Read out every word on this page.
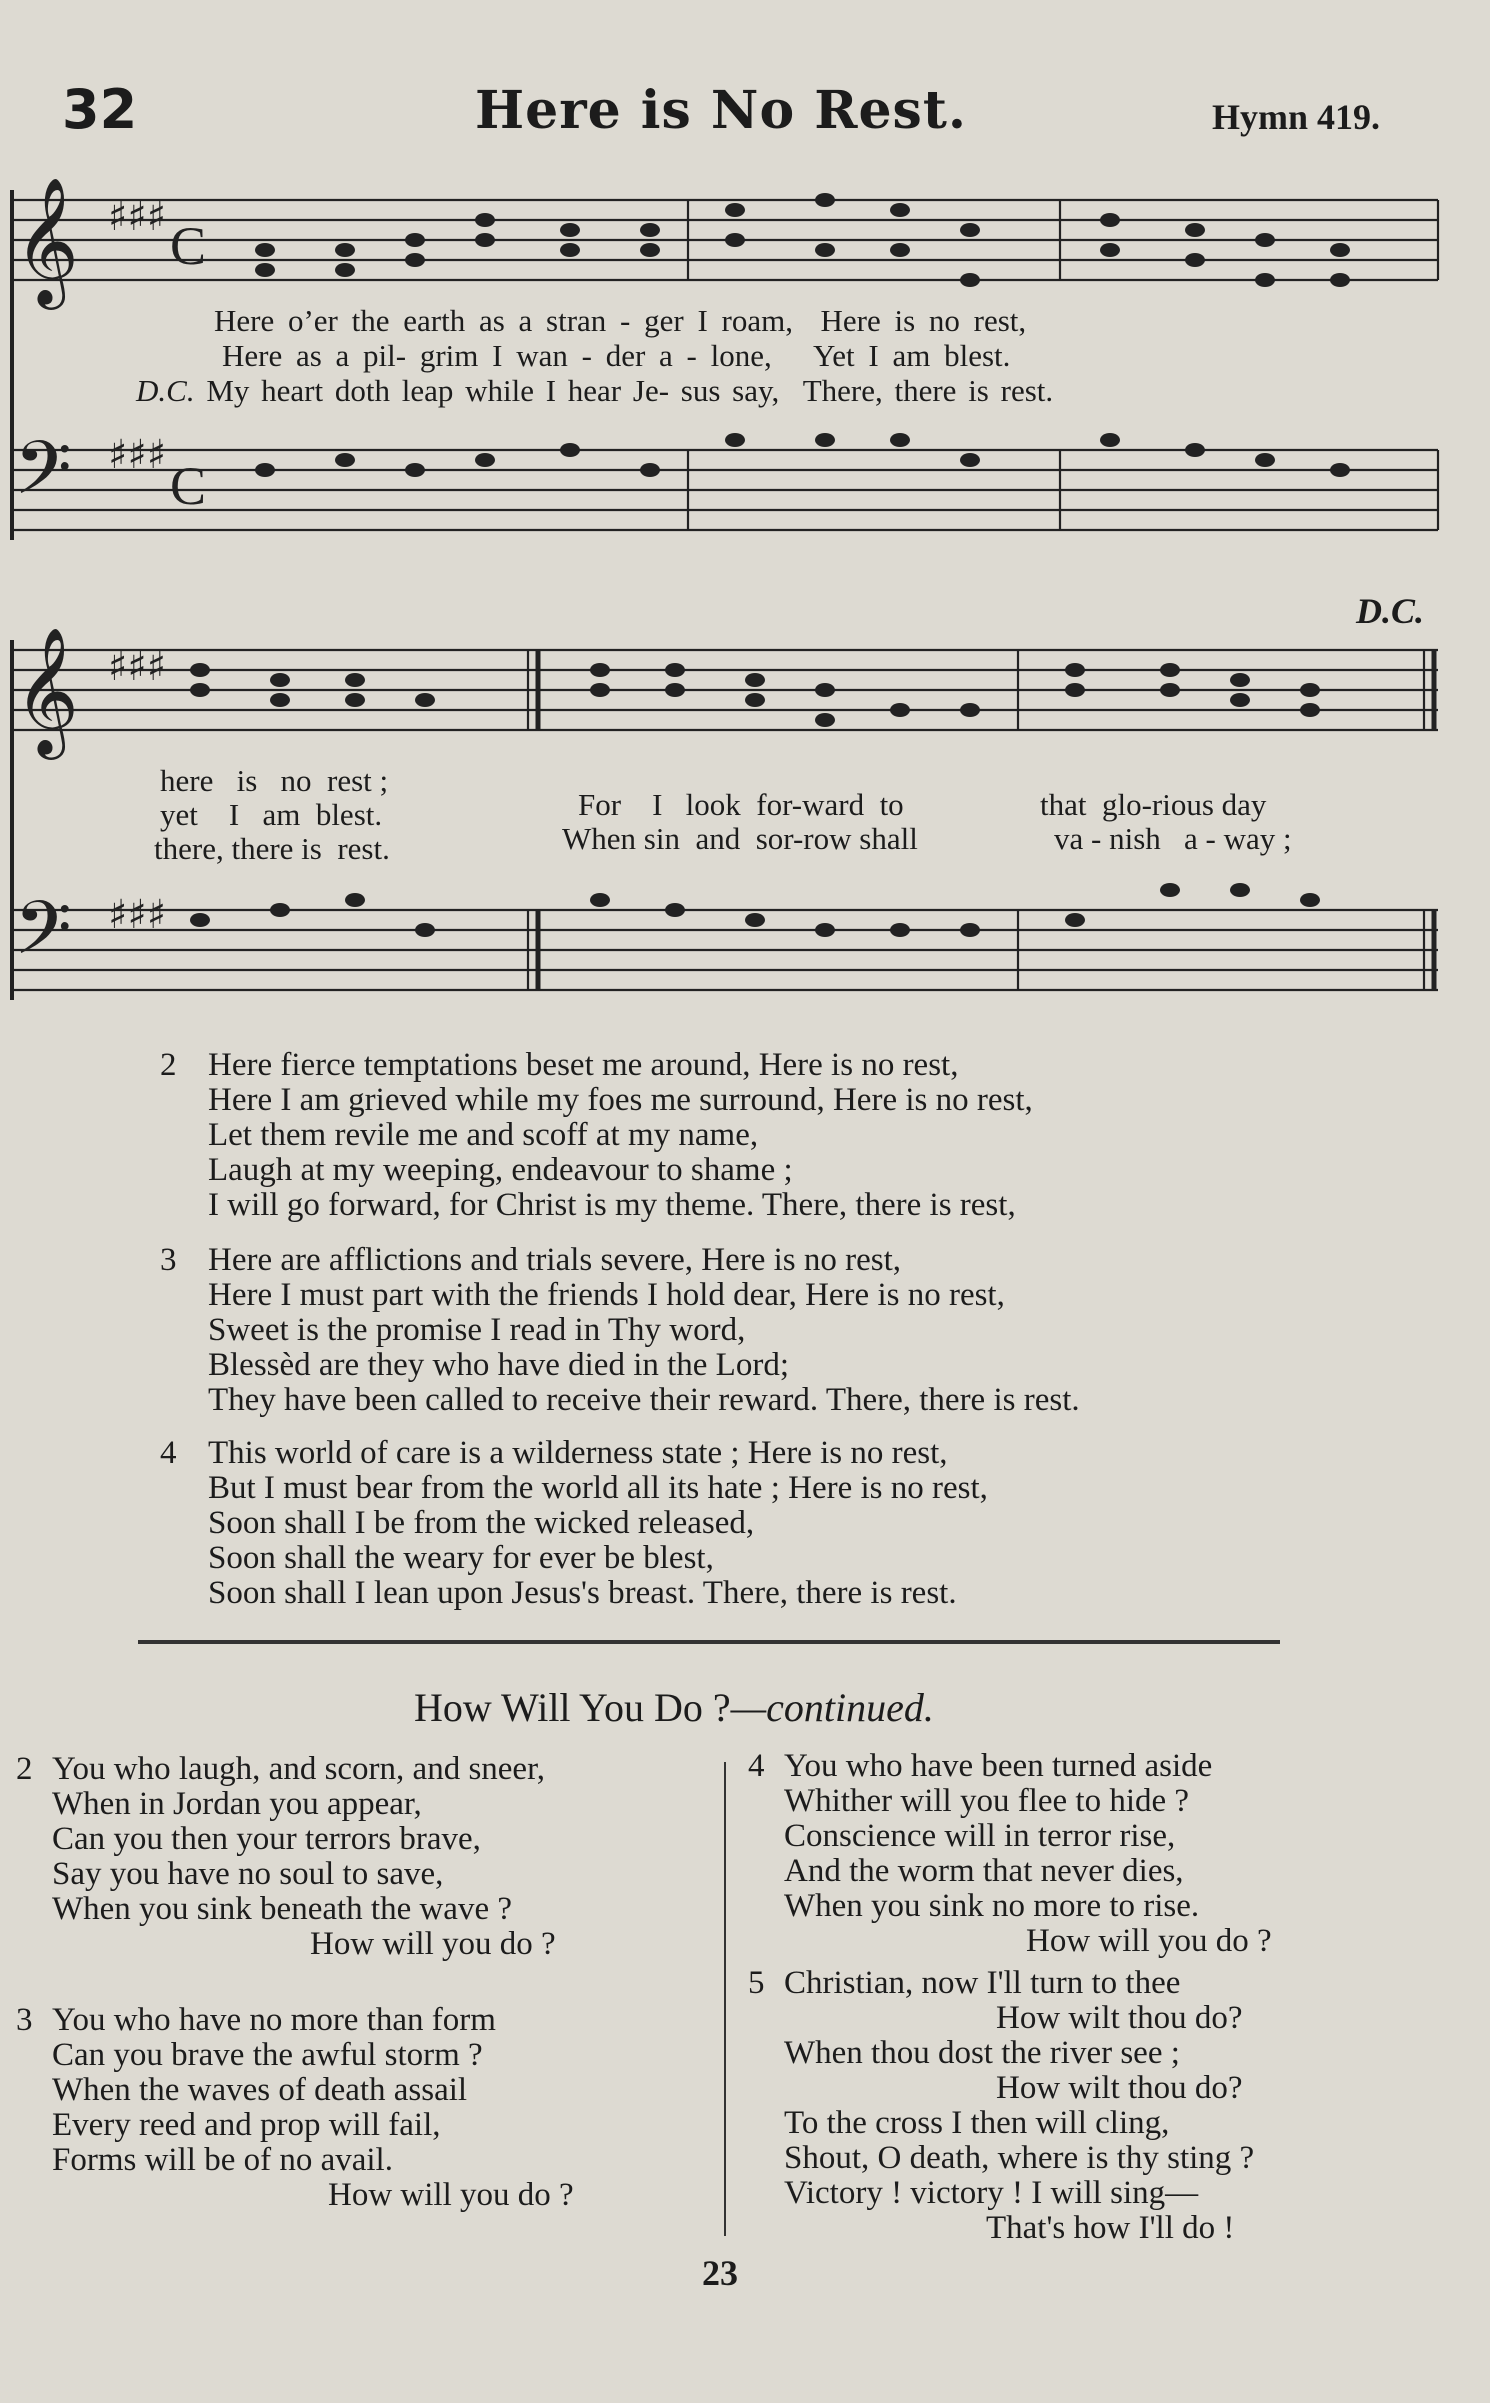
32	Here is No Rest.	Hymn 419.
𝄞
𝄢
♯♯♯
♯♯♯
C
C
Here o’er the earth as a stran - ger I roam,  Here is no rest,
Here as a pil- grim I wan - der a - lone,   Yet I am blest.
D.C. My heart doth leap while I hear Je- sus say,  There, there is rest.
D.C.
𝄞
𝄢
♯♯♯
♯♯♯
here   is   no  rest ;
yet    I   am  blest.
there, there is  rest.
For    I   look  for-ward  to
When sin  and  sor-row shall
that  glo-rious day
va - nish   a - way ;
2 Here fierce temptations beset me around, Here is no rest,
Here I am grieved while my foes me surround, Here is no rest,
Let them revile me and scoff at my name,
Laugh at my weeping, endeavour to shame ;
I will go forward, for Christ is my theme. There, there is rest,
3 Here are afflictions and trials severe, Here is no rest,
Here I must part with the friends I hold dear, Here is no rest,
Sweet is the promise I read in Thy word,
Blessèd are they who have died in the Lord;
They have been called to receive their reward. There, there is rest.
4 This world of care is a wilderness state ; Here is no rest,
But I must bear from the world all its hate ; Here is no rest,
Soon shall I be from the wicked released,
Soon shall the weary for ever be blest,
Soon shall I lean upon Jesus's breast. There, there is rest.
How Will You Do ?—continued.
2 You who laugh, and scorn, and sneer,
When in Jordan you appear,
Can you then your terrors brave,
Say you have no soul to save,
When you sink beneath the wave ?
How will you do ?
3 You who have no more than form
Can you brave the awful storm ?
When the waves of death assail
Every reed and prop will fail,
Forms will be of no avail.
How will you do ?
4 You who have been turned aside
Whither will you flee to hide ?
Conscience will in terror rise,
And the worm that never dies,
When you sink no more to rise.
How will you do ?
5 Christian, now I'll turn to thee
How wilt thou do?
When thou dost the river see ;
How wilt thou do?
To the cross I then will cling,
Shout, O death, where is thy sting ?
Victory ! victory ! I will sing—
That's how I'll do !
23
